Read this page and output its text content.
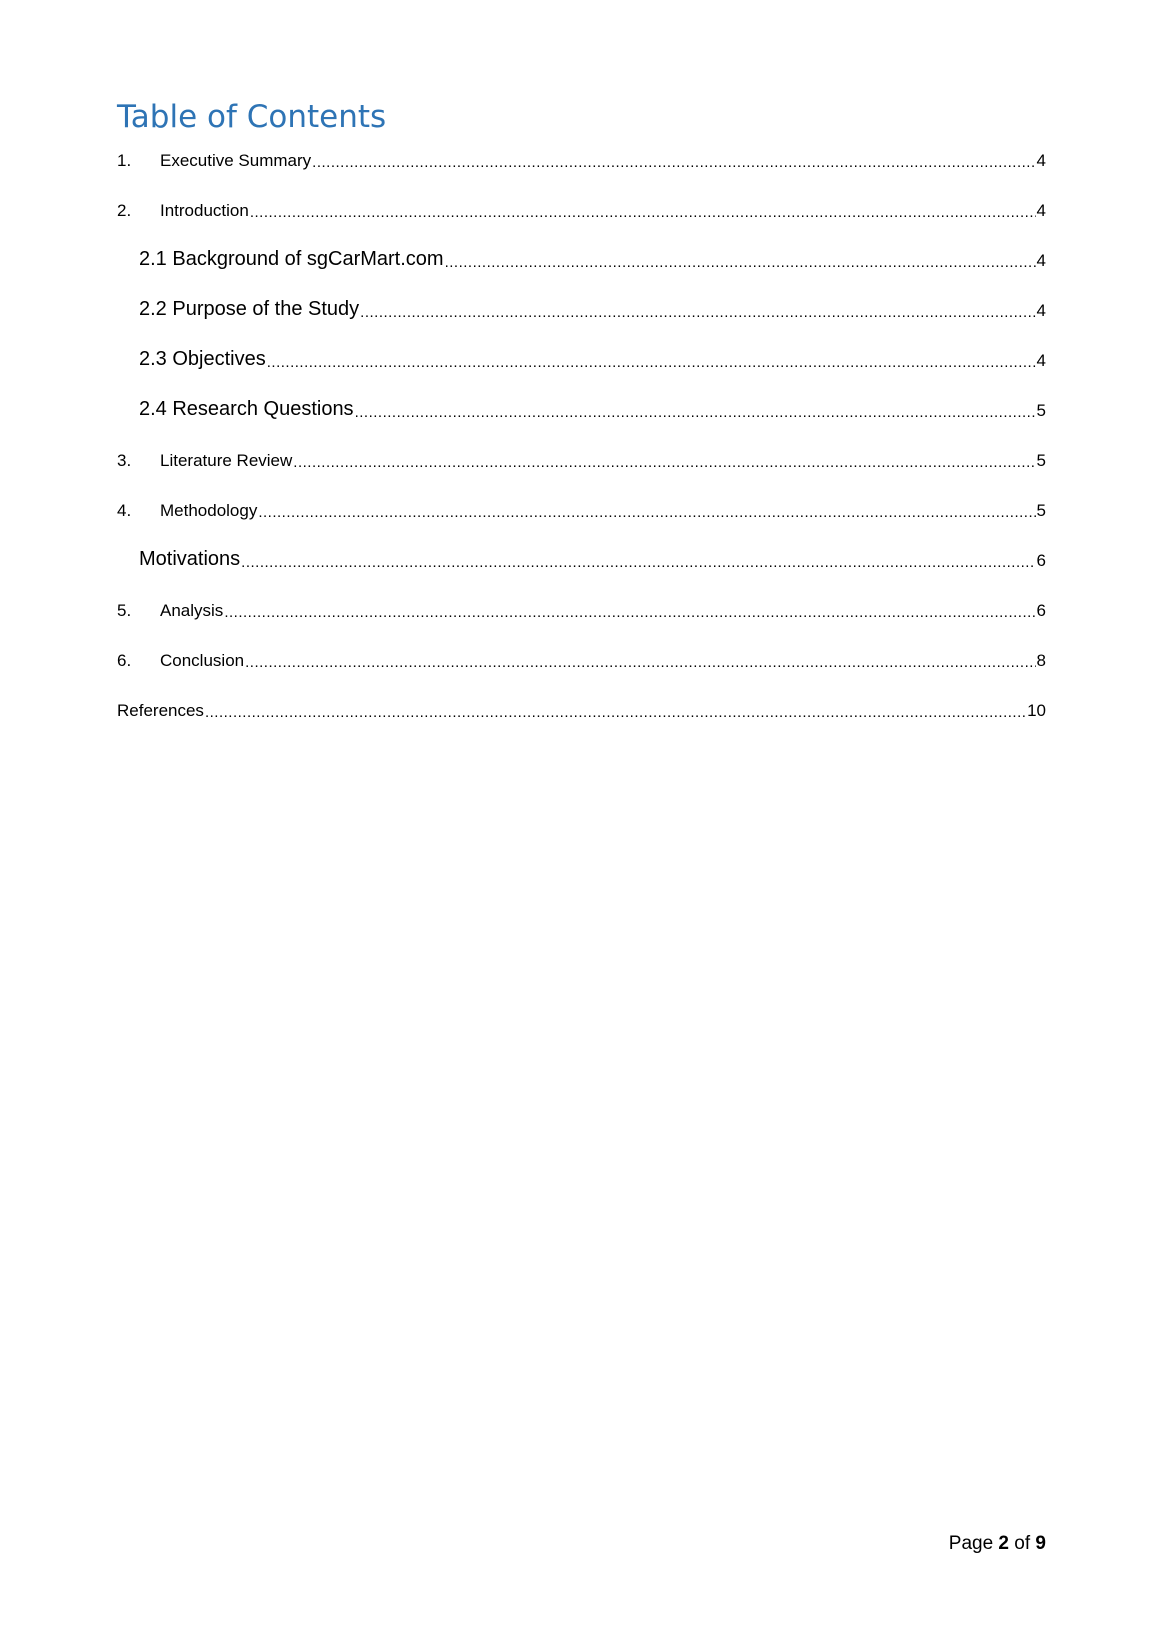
Table of Contents
1.	Executive Summary .....	4
2.	Introduction .....	4
2.1 Background of sgCarMart.com .....	4
2.2 Purpose of the Study .....	4
2.3 Objectives .....	4
2.4 Research Questions .....	5
3.	Literature Review .....	5
4.	Methodology .....	5
Motivations .....	6
5.	Analysis .....	6
6.	Conclusion .....	8
References .....	10
Page 2 of 9
